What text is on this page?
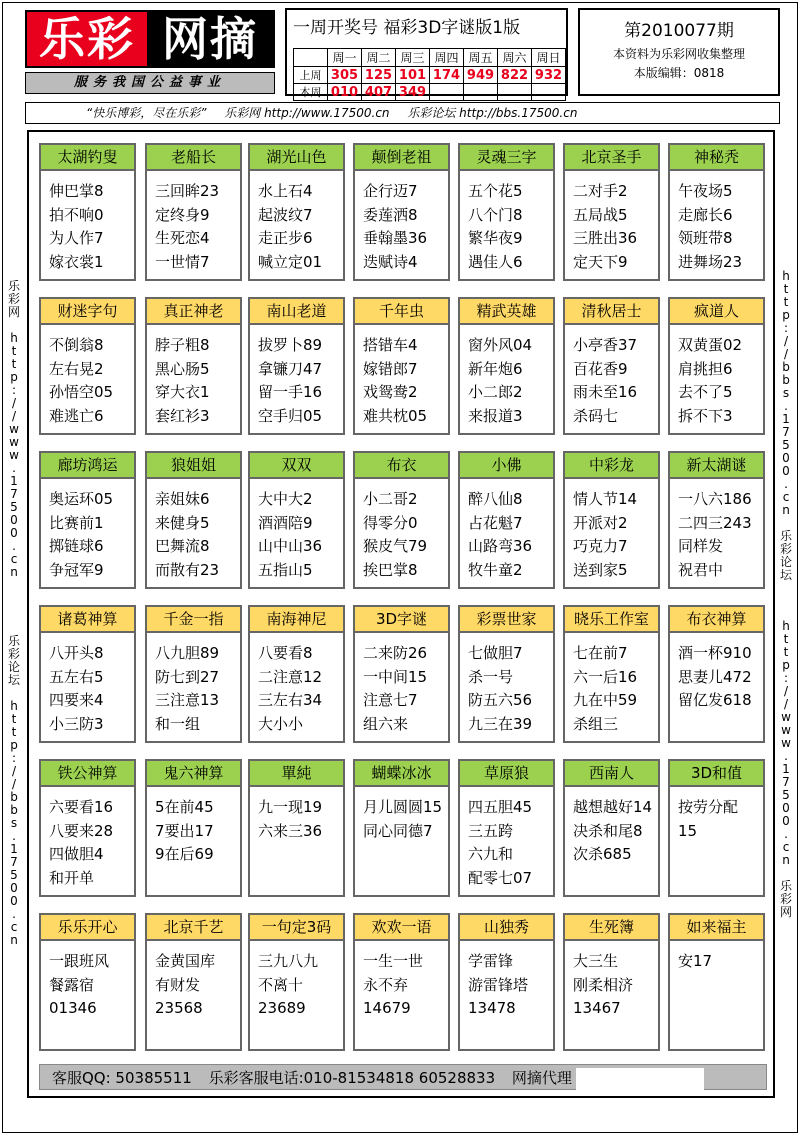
乐彩 网摘
服务我国公益事业
一周开奖号 福彩3D字谜版1版
	周一	周二	周三	周四	周五	周六	周日
上周	305	125	101	174	949	822	932
本周	010	407	349				
第2010077期
本资料为乐彩网收集整理
本版编辑：0818
“快乐博彩，尽在乐彩” 乐彩网 http://www.17500.cn 乐彩论坛 http://bbs.17500.cn
乐
彩
网

h
t
t
p
:
/
/
w
w
w
.
1
7
5
0
0
.
c
n
乐
彩
论
坛

h
t
t
p
:
/
/
b
b
s
.
1
7
5
0
0
.
c
n
h
t
t
p
:
/
/
b
b
s
.
1
7
5
0
0
.
c
n

乐
彩
论
坛
h
t
t
p
:
/
/
w
w
w
.
1
7
5
0
0
.
c
n

乐
彩
网
太湖钓叟
伸巴掌8
拍不响0
为人作7
嫁衣裳1
老船长
三回眸23
定终身9
生死恋4
一世情7
湖光山色
水上石4
起波纹7
走正步6
喊立定01
颠倒老祖
企行迈7
委莲洒8
垂翰墨36
迭赋诗4
灵魂三字
五个花5
八个门8
繁华夜9
遇佳人6
北京圣手
二对手2
五局战5
三胜出36
定天下9
神秘秃
午夜场5
走廊长6
领班带8
进舞场23
财迷字句
不倒翁8
左右晃2
孙悟空05
难逃亡6
真正神老
脖子粗8
黑心肠5
穿大衣1
套红衫3
南山老道
拔罗卜89
拿镰刀47
留一手16
空手归05
千年虫
搭错车4
嫁错郎7
戏鸳鸯2
难共枕05
精武英雄
窗外风04
新年炮6
小二郎2
来报道3
清秋居士
小亭香37
百花香9
雨未至16
杀码七
疯道人
双黄蛋02
肩挑担6
去不了5
拆不下3
廊坊鸿运
奥运环05
比赛前1
掷链球6
争冠军9
狼姐姐
亲姐妹6
来健身5
巴舞流8
而散有23
双双
大中大2
酒酒陪9
山中山36
五指山5
布衣
小二哥2
得零分0
猴皮气79
挨巴掌8
小佛
醉八仙8
占花魁7
山路弯36
牧牛童2
中彩龙
情人节14
开派对2
巧克力7
送到家5
新太湖谜
一八六186
二四三243
同样发
祝君中
诸葛神算
八开头8
五左右5
四要来4
小三防3
千金一指
八九胆89
防七到27
三注意13
和一组
南海神尼
八要看8
二注意12
三左右34
大小小
3D字谜
二来防26
一中间15
注意七7
组六来
彩票世家
七做胆7
杀一号
防五六56
九三在39
晓乐工作室
七在前7
六一后16
九在中59
杀组三
布衣神算
酒一杯910
思妻儿472
留亿发618
铁公神算
六要看16
八要来28
四做胆4
和开单
鬼六神算
5在前45
7要出17
9在后69
單純
九一现19
六来三36
蝴蝶冰冰
月儿圆圆15
同心同德7
草原狼
四五胆45
三五跨
六九和
配零七07
西南人
越想越好14
决杀和尾8
次杀685
3D和值
按劳分配
15
乐乐开心
一跟班风
餐露宿
01346
北京千艺
金黄国库
有财发
23568
一句定3码
三九八九
不离十
23689
欢欢一语
一生一世
永不弃
14679
山独秀
学雷锋
游雷锋塔
13478
生死簿
大三生
刚柔相济
13467
如来福主
安17
客服QQ: 50385511 乐彩客服电话:010-81534818 60528833 网摘代理
